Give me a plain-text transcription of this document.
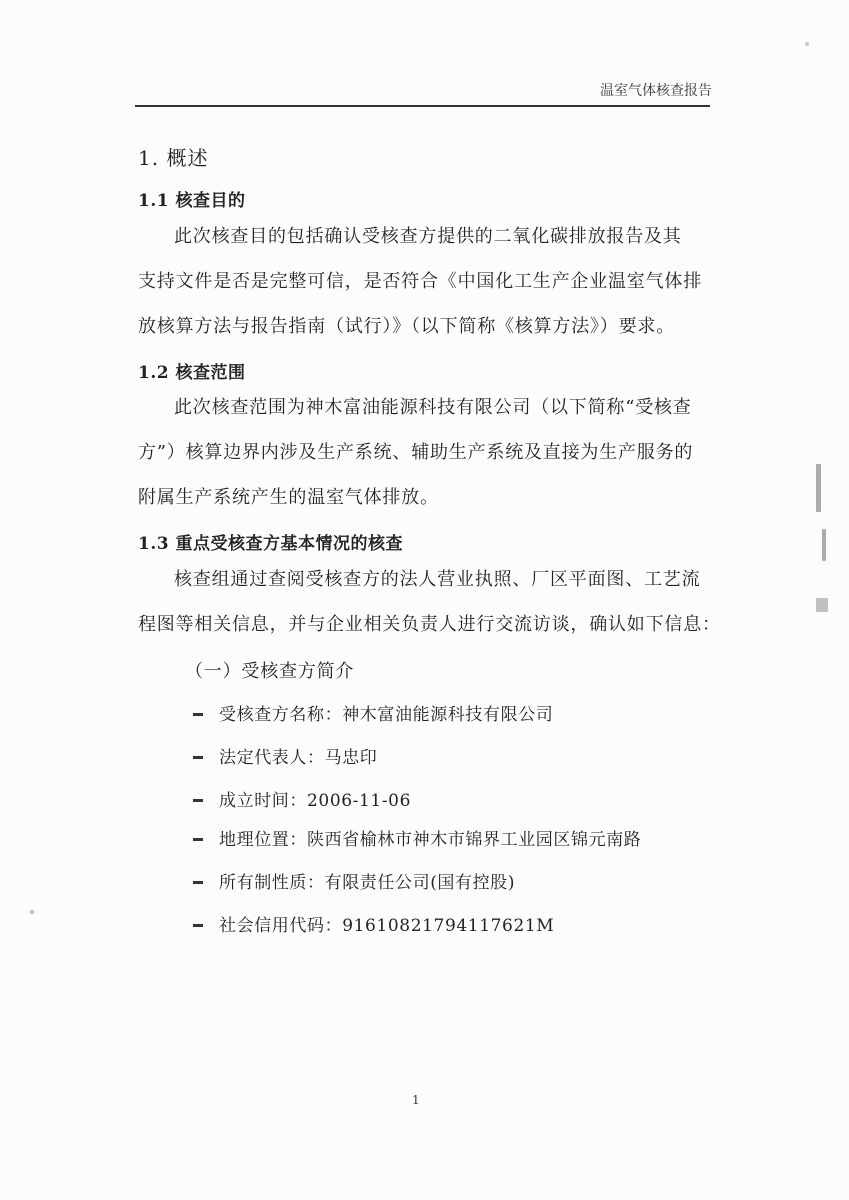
温室气体核查报告
1. 概述
1.1 核查目的
此次核查目的包括确认受核查方提供的二氧化碳排放报告及其
支持文件是否是完整可信，是否符合《中国化工生产企业温室气体排
放核算方法与报告指南（试行）》（以下简称《核算方法》）要求。
1.2 核查范围
此次核查范围为神木富油能源科技有限公司（以下简称“受核查
方”）核算边界内涉及生产系统、辅助生产系统及直接为生产服务的
附属生产系统产生的温室气体排放。
1.3 重点受核查方基本情况的核查
核查组通过查阅受核查方的法人营业执照、厂区平面图、工艺流
程图等相关信息，并与企业相关负责人进行交流访谈，确认如下信息：
（一）受核查方简介
受核查方名称：神木富油能源科技有限公司
法定代表人：马忠印
成立时间：2006-11-06
地理位置：陕西省榆林市神木市锦界工业园区锦元南路
所有制性质：有限责任公司(国有控股)
社会信用代码：91610821794117621M
1
